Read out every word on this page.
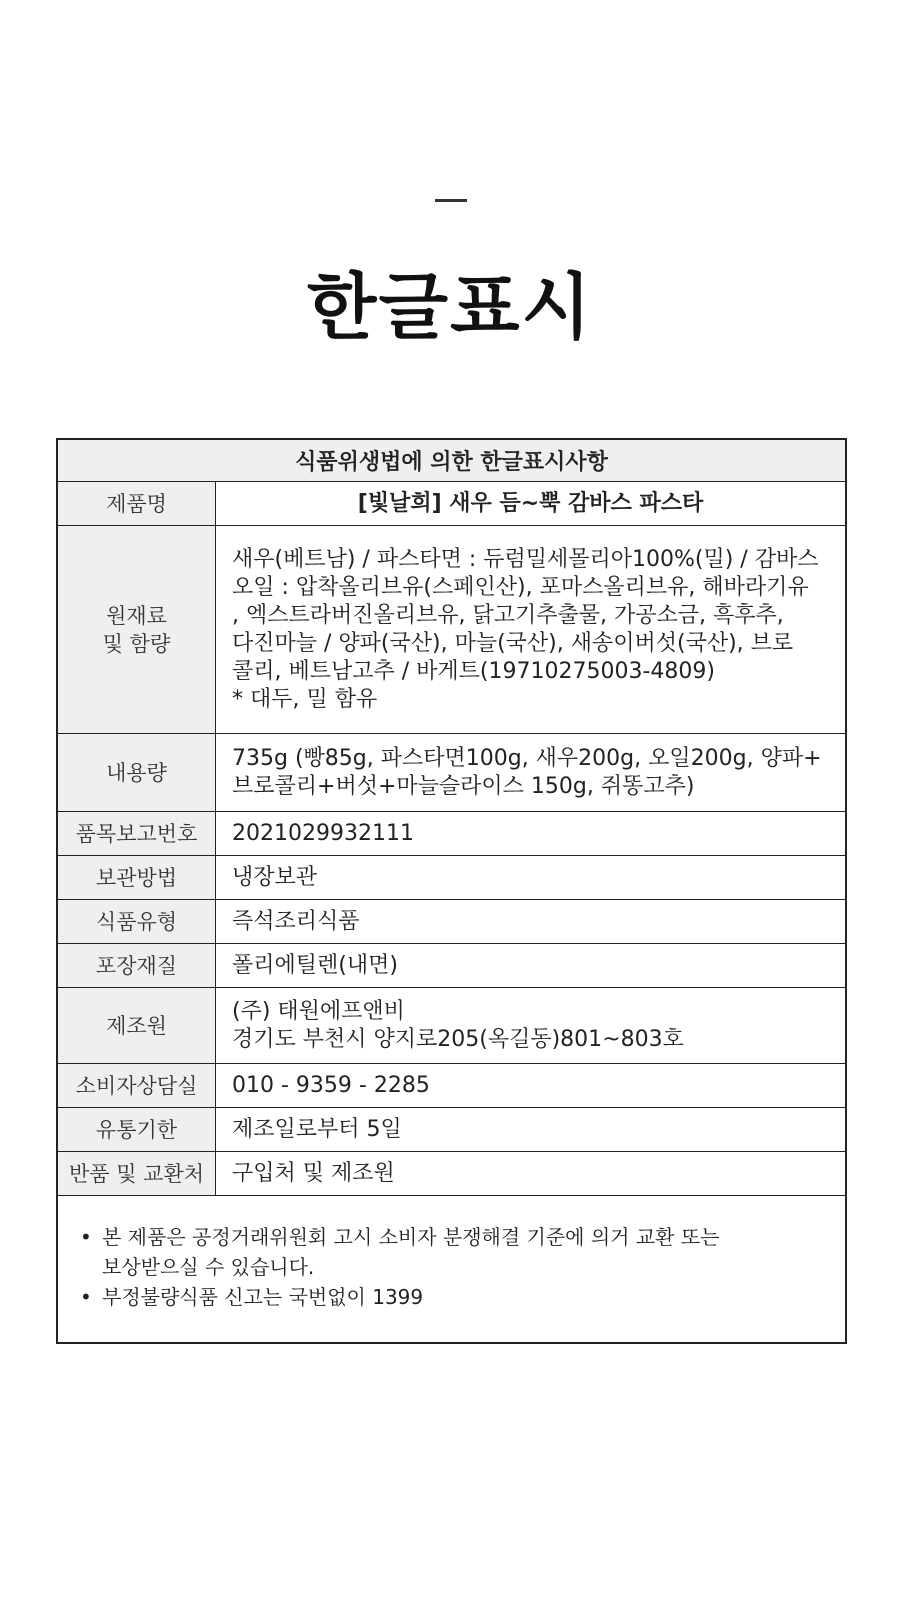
한글표시
식품위생법에 의한 한글표시사항
제품명	[빛날희] 새우 듬~뿍 감바스 파스타
원재료
및 함량
새우(베트남) / 파스타면 : 듀럼밀세몰리아100%(밀) / 감바스
오일 : 압착올리브유(스페인산), 포마스올리브유, 해바라기유
, 엑스트라버진올리브유, 닭고기추출물, 가공소금, 흑후추,
다진마늘 / 양파(국산), 마늘(국산), 새송이버섯(국산), 브로
콜리, 베트남고추 / 바게트(19710275003-4809)
* 대두, 밀 함유
내용량
735g (빵85g, 파스타면100g, 새우200g, 오일200g, 양파+
브로콜리+버섯+마늘슬라이스 150g, 쥐똥고추)
품목보고번호 2021029932111
보관방법 냉장보관
식품유형 즉석조리식품
포장재질 폴리에틸렌(내면)
제조원
(주) 태원에프앤비
경기도 부천시 양지로205(옥길동)801~803호
소비자상담실 010 - 9359 - 2285
유통기한 제조일로부터 5일
반품 및 교환처 구입처 및 제조원
• 본 제품은 공정거래위원회 고시 소비자 분쟁해결 기준에 의거 교환 또는
보상받으실 수 있습니다.
• 부정불량식품 신고는 국번없이 1399
